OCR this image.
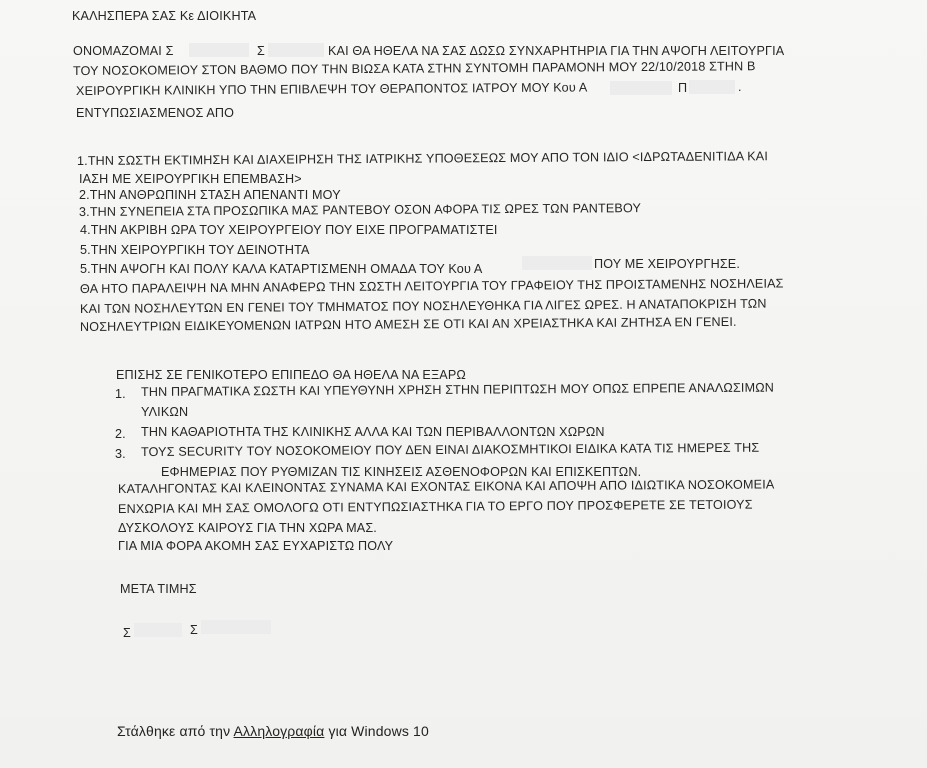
ΚΑΛΗΣΠΕΡΑ ΣΑΣ Κε ΔΙΟΙΚΗΤΑ
ΟΝΟΜΑΖΟΜΑΙ Σ	Σ	ΚΑΙ ΘΑ ΗΘΕΛΑ ΝΑ ΣΑΣ ΔΩΣΩ ΣΥΝΧΑΡΗΤΗΡΙΑ ΓΙΑ ΤΗΝ ΑΨΟΓΗ ΛΕΙΤΟΥΡΓΙΑ
ΤΟΥ ΝΟΣΟΚΟΜΕΙΟΥ ΣΤΟΝ ΒΑΘΜΟ ΠΟΥ ΤΗΝ ΒΙΩΣΑ ΚΑΤΑ ΣΤΗΝ ΣΥΝΤΟΜΗ ΠΑΡΑΜΟΝΗ ΜΟΥ 22/10/2018 ΣΤΗΝ Β
ΧΕΙΡΟΥΡΓΙΚΗ ΚΛΙΝΙΚΗ ΥΠΟ ΤΗΝ ΕΠΙΒΛΕΨΗ ΤΟΥ ΘΕΡΑΠΟΝΤΟΣ ΙΑΤΡΟΥ ΜΟΥ Κου Α	Π	.
ΕΝΤΥΠΩΣΙΑΣΜΕΝΟΣ ΑΠΟ
1.ΤΗΝ ΣΩΣΤΗ ΕΚΤΙΜΗΣΗ ΚΑΙ ΔΙΑΧΕΙΡΗΣΗ ΤΗΣ ΙΑΤΡΙΚΗΣ ΥΠΟΘΕΣΕΩΣ ΜΟΥ ΑΠΟ ΤΟΝ ΙΔΙΟ <ΙΔΡΩΤΑΔΕΝΙΤΙΔΑ ΚΑΙ
ΙΑΣΗ ΜΕ ΧΕΙΡΟΥΡΓΙΚΗ ΕΠΕΜΒΑΣΗ>
2.ΤΗΝ ΑΝΘΡΩΠΙΝΗ ΣΤΑΣΗ ΑΠΕΝΑΝΤΙ ΜΟΥ
3.ΤΗΝ ΣΥΝΕΠΕΙΑ ΣΤΑ ΠΡΟΣΩΠΙΚΑ ΜΑΣ ΡΑΝΤΕΒΟΥ ΟΣΟΝ ΑΦΟΡΑ ΤΙΣ ΩΡΕΣ ΤΩΝ ΡΑΝΤΕΒΟΥ
4.ΤΗΝ ΑΚΡΙΒΗ ΩΡΑ ΤΟΥ ΧΕΙΡΟΥΡΓΕΙΟΥ ΠΟΥ ΕΙΧΕ ΠΡΟΓΡΑΜΑΤΙΣΤΕΙ
5.ΤΗΝ ΧΕΙΡΟΥΡΓΙΚΗ ΤΟΥ ΔΕΙΝΟΤΗΤΑ
5.ΤΗΝ ΑΨΟΓΗ ΚΑΙ ΠΟΛΥ ΚΑΛΑ ΚΑΤΑΡΤΙΣΜΕΝΗ ΟΜΑΔΑ ΤΟΥ Κου Α	ΠΟΥ ΜΕ ΧΕΙΡΟΥΡΓΗΣΕ.
ΘΑ ΗΤΟ ΠΑΡΑΛΕΙΨΗ ΝΑ ΜΗΝ ΑΝΑΦΕΡΩ ΤΗΝ ΣΩΣΤΗ ΛΕΙΤΟΥΡΓΙΑ ΤΟΥ ΓΡΑΦΕΙΟΥ ΤΗΣ ΠΡΟΙΣΤΑΜΕΝΗΣ ΝΟΣΗΛΕΙΑΣ
ΚΑΙ ΤΩΝ ΝΟΣΗΛΕΥΤΩΝ ΕΝ ΓΕΝΕΙ ΤΟΥ ΤΜΗΜΑΤΟΣ ΠΟΥ ΝΟΣΗΛΕΥΘΗΚΑ ΓΙΑ ΛΙΓΕΣ ΩΡΕΣ. Η ΑΝΑΤΑΠΟΚΡΙΣΗ ΤΩΝ
ΝΟΣΗΛΕΥΤΡΙΩΝ ΕΙΔΙΚΕΥΟΜΕΝΩΝ ΙΑΤΡΩΝ ΗΤΟ ΑΜΕΣΗ ΣΕ ΟΤΙ ΚΑΙ ΑΝ ΧΡΕΙΑΣΤΗΚΑ ΚΑΙ ΖΗΤΗΣΑ ΕΝ ΓΕΝΕΙ.
ΕΠΙΣΗΣ ΣΕ ΓΕΝΙΚΟΤΕΡΟ ΕΠΙΠΕΔΟ ΘΑ ΗΘΕΛΑ ΝΑ ΕΞΑΡΩ
1. ΤΗΝ ΠΡΑΓΜΑΤΙΚΑ ΣΩΣΤΗ ΚΑΙ ΥΠΕΥΘΥΝΗ ΧΡΗΣΗ ΣΤΗΝ ΠΕΡΙΠΤΩΣΗ ΜΟΥ ΟΠΩΣ ΕΠΡΕΠΕ ΑΝΑΛΩΣΙΜΩΝ
ΥΛΙΚΩΝ
2. ΤΗΝ ΚΑΘΑΡΙΟΤΗΤΑ ΤΗΣ ΚΛΙΝΙΚΗΣ ΑΛΛΑ ΚΑΙ ΤΩΝ ΠΕΡΙΒΑΛΛΟΝΤΩΝ ΧΩΡΩΝ
3. ΤΟΥΣ SECURITY ΤΟΥ ΝΟΣΟΚΟΜΕΙΟΥ ΠΟΥ ΔΕΝ ΕΙΝΑΙ ΔΙΑΚΟΣΜΗΤΙΚΟΙ ΕΙΔΙΚΑ ΚΑΤΑ ΤΙΣ ΗΜΕΡΕΣ ΤΗΣ
ΕΦΗΜΕΡΙΑΣ ΠΟΥ ΡΥΘΜΙΖΑΝ ΤΙΣ ΚΙΝΗΣΕΙΣ ΑΣΘΕΝΟΦΟΡΩΝ ΚΑΙ ΕΠΙΣΚΕΠΤΩΝ.
ΚΑΤΑΛΗΓΟΝΤΑΣ ΚΑΙ ΚΛΕΙΝΟΝΤΑΣ ΣΥΝΑΜΑ ΚΑΙ ΕΧΟΝΤΑΣ ΕΙΚΟΝΑ ΚΑΙ ΑΠΟΨΗ ΑΠΟ ΙΔΙΩΤΙΚΑ ΝΟΣΟΚΟΜΕΙΑ
ΕΝΧΩΡΙΑ ΚΑΙ ΜΗ ΣΑΣ ΟΜΟΛΟΓΩ ΟΤΙ ΕΝΤΥΠΩΣΙΑΣΤΗΚΑ ΓΙΑ ΤΟ ΕΡΓΟ ΠΟΥ ΠΡΟΣΦΕΡΕΤΕ ΣΕ ΤΕΤΟΙΟΥΣ
ΔΥΣΚΟΛΟΥΣ ΚΑΙΡΟΥΣ ΓΙΑ ΤΗΝ ΧΩΡΑ ΜΑΣ.
ΓΙΑ ΜΙΑ ΦΟΡΑ ΑΚΟΜΗ ΣΑΣ ΕΥΧΑΡΙΣΤΩ ΠΟΛΥ
ΜΕΤΑ ΤΙΜΗΣ
Σ	Σ
Στάλθηκε από την Αλληλογραφία για Windows 10
